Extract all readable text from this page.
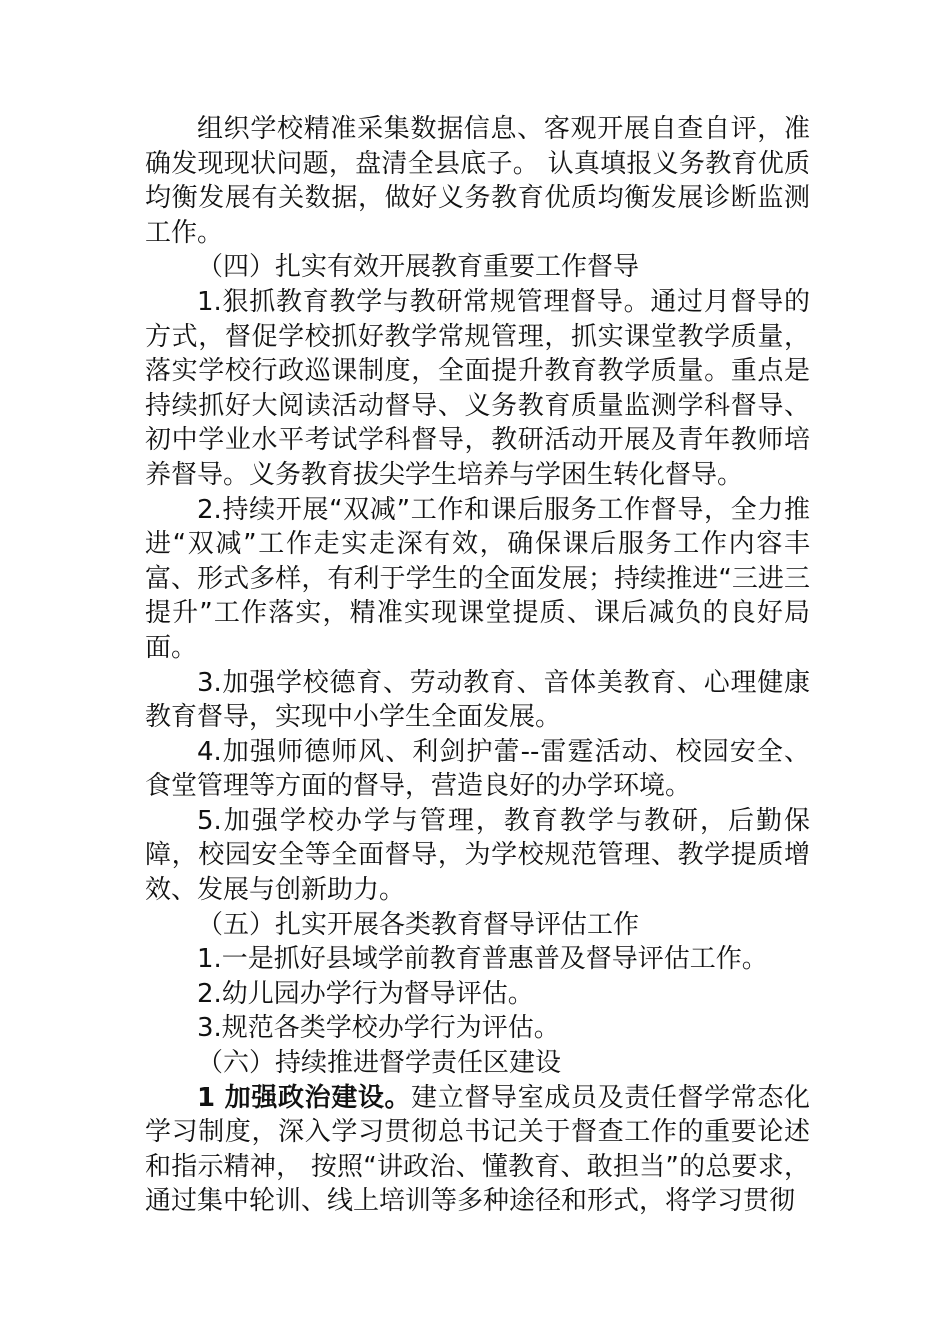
组织学校精准采集数据信息、客观开展自查自评，准确发现现状问题，盘清全县底子。 认真填报义务教育优质均衡发展有关数据，做好义务教育优质均衡发展诊断监测工作。

（四）扎实有效开展教育重要工作督导

1.狠抓教育教学与教研常规管理督导。通过月督导的方式，督促学校抓好教学常规管理，抓实课堂教学质量，落实学校行政巡课制度，全面提升教育教学质量。重点是持续抓好大阅读活动督导、义务教育质量监测学科督导、初中学业水平考试学科督导，教研活动开展及青年教师培养督导。义务教育拔尖学生培养与学困生转化督导。

2.持续开展“双减”工作和课后服务工作督导，全力推进“双减”工作走实走深有效，确保课后服务工作内容丰富、形式多样，有利于学生的全面发展；持续推进“三进三提升”工作落实，精准实现课堂提质、课后减负的良好局面。

3.加强学校德育、劳动教育、音体美教育、心理健康教育督导，实现中小学生全面发展。

4.加强师德师风、利剑护蕾--雷霆活动、校园安全、食堂管理等方面的督导，营造良好的办学环境。

5.加强学校办学与管理，教育教学与教研，后勤保障，校园安全等全面督导，为学校规范管理、教学提质增效、发展与创新助力。

（五）扎实开展各类教育督导评估工作

1.一是抓好县域学前教育普惠普及督导评估工作。

2.幼儿园办学行为督导评估。

3.规范各类学校办学行为评估。

（六）持续推进督学责任区建设

1 加强政治建设。建立督导室成员及责任督学常态化学习制度，深入学习贯彻总书记关于督查工作的重要论述和指示精神， 按照“讲政治、懂教育、敢担当”的总要求，通过集中轮训、线上培训等多种途径和形式，将学习贯彻
